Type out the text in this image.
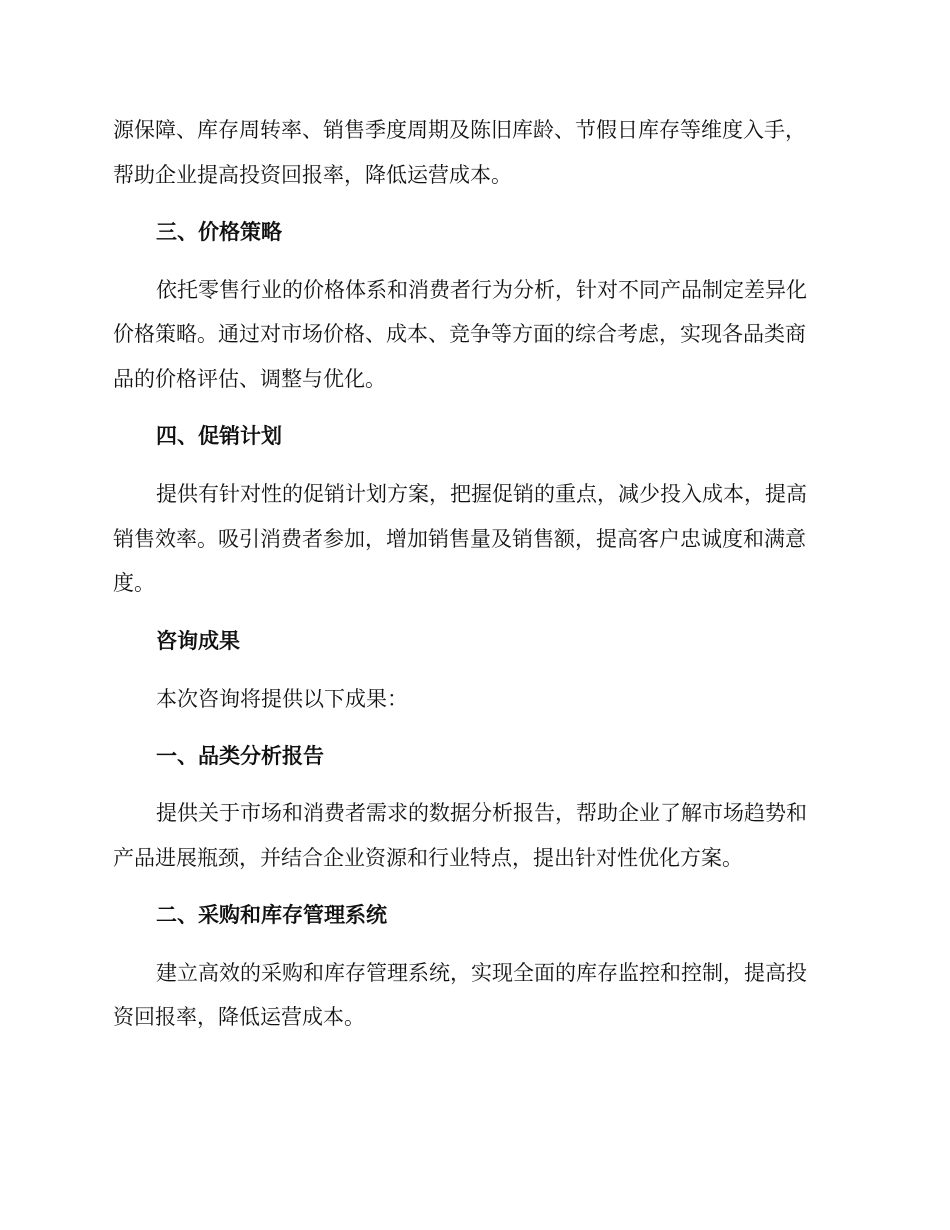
源保障、库存周转率、销售季度周期及陈旧库龄、节假日库存等维度入手，
帮助企业提高投资回报率，降低运营成本。
三、价格策略
依托零售行业的价格体系和消费者行为分析，针对不同产品制定差异化
价格策略。通过对市场价格、成本、竞争等方面的综合考虑，实现各品类商
品的价格评估、调整与优化。
四、促销计划
提供有针对性的促销计划方案，把握促销的重点，减少投入成本，提高
销售效率。吸引消费者参加，增加销售量及销售额，提高客户忠诚度和满意
度。
咨询成果
本次咨询将提供以下成果：
一、品类分析报告
提供关于市场和消费者需求的数据分析报告，帮助企业了解市场趋势和
产品进展瓶颈，并结合企业资源和行业特点，提出针对性优化方案。
二、采购和库存管理系统
建立高效的采购和库存管理系统，实现全面的库存监控和控制，提高投
资回报率，降低运营成本。
